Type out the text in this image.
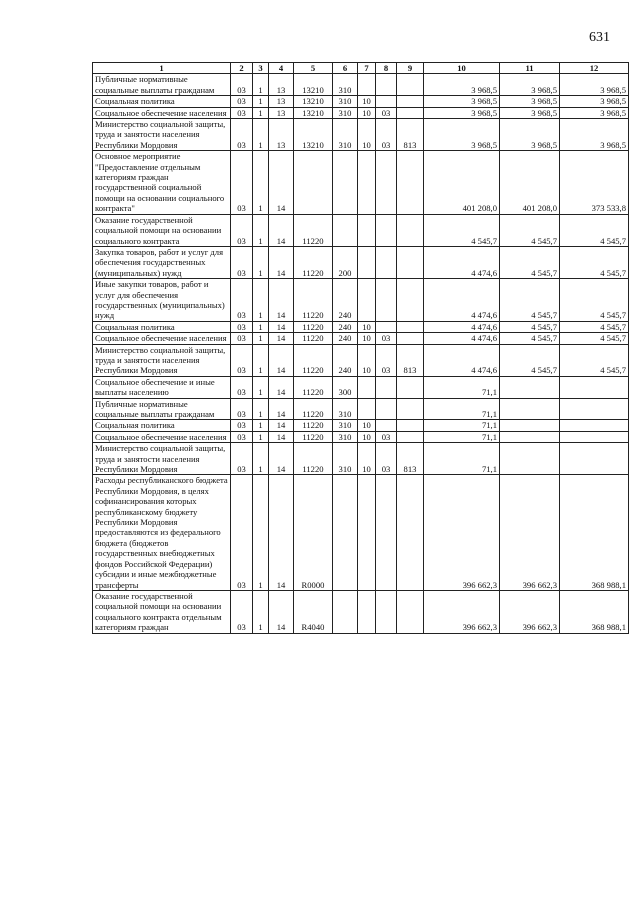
631
1	2	3	4	5	6	7	8	9	10	11	12
Публичные нормативные социальные выплаты гражданам	03	1	13	13210	310				3 968,5	3 968,5	3 968,5
Социальная политика	03	1	13	13210	310	10			3 968,5	3 968,5	3 968,5
Социальное обеспечение населения	03	1	13	13210	310	10	03		3 968,5	3 968,5	3 968,5
Министерство социальной защиты, труда и занятости населения Республики Мордовия	03	1	13	13210	310	10	03	813	3 968,5	3 968,5	3 968,5
Основное мероприятие "Предоставление отдельным категориям граждан государственной социальной помощи на основании социального контракта"	03	1	14						401 208,0	401 208,0	373 533,8
Оказание государственной социальной помощи на основании социального контракта	03	1	14	11220					4 545,7	4 545,7	4 545,7
Закупка товаров, работ и услуг для обеспечения государственных (муниципальных) нужд	03	1	14	11220	200				4 474,6	4 545,7	4 545,7
Иные закупки товаров, работ и услуг для обеспечения государственных (муниципальных) нужд	03	1	14	11220	240				4 474,6	4 545,7	4 545,7
Социальная политика	03	1	14	11220	240	10			4 474,6	4 545,7	4 545,7
Социальное обеспечение населения	03	1	14	11220	240	10	03		4 474,6	4 545,7	4 545,7
Министерство социальной защиты, труда и занятости населения Республики Мордовия	03	1	14	11220	240	10	03	813	4 474,6	4 545,7	4 545,7
Социальное обеспечение и иные выплаты населению	03	1	14	11220	300				71,1		
Публичные нормативные социальные выплаты гражданам	03	1	14	11220	310				71,1		
Социальная политика	03	1	14	11220	310	10			71,1		
Социальное обеспечение населения	03	1	14	11220	310	10	03		71,1		
Министерство социальной защиты, труда и занятости населения Республики Мордовия	03	1	14	11220	310	10	03	813	71,1		
Расходы республиканского бюджета Республики Мордовия, в целях софинансирования которых республиканскому бюджету Республики Мордовия предоставляются из федерального бюджета (бюджетов государственных внебюджетных фондов Российской Федерации) субсидии и иные межбюджетные трансферты	03	1	14	R0000					396 662,3	396 662,3	368 988,1
Оказание государственной социальной помощи на основании социального контракта отдельным категориям граждан	03	1	14	R4040					396 662,3	396 662,3	368 988,1
